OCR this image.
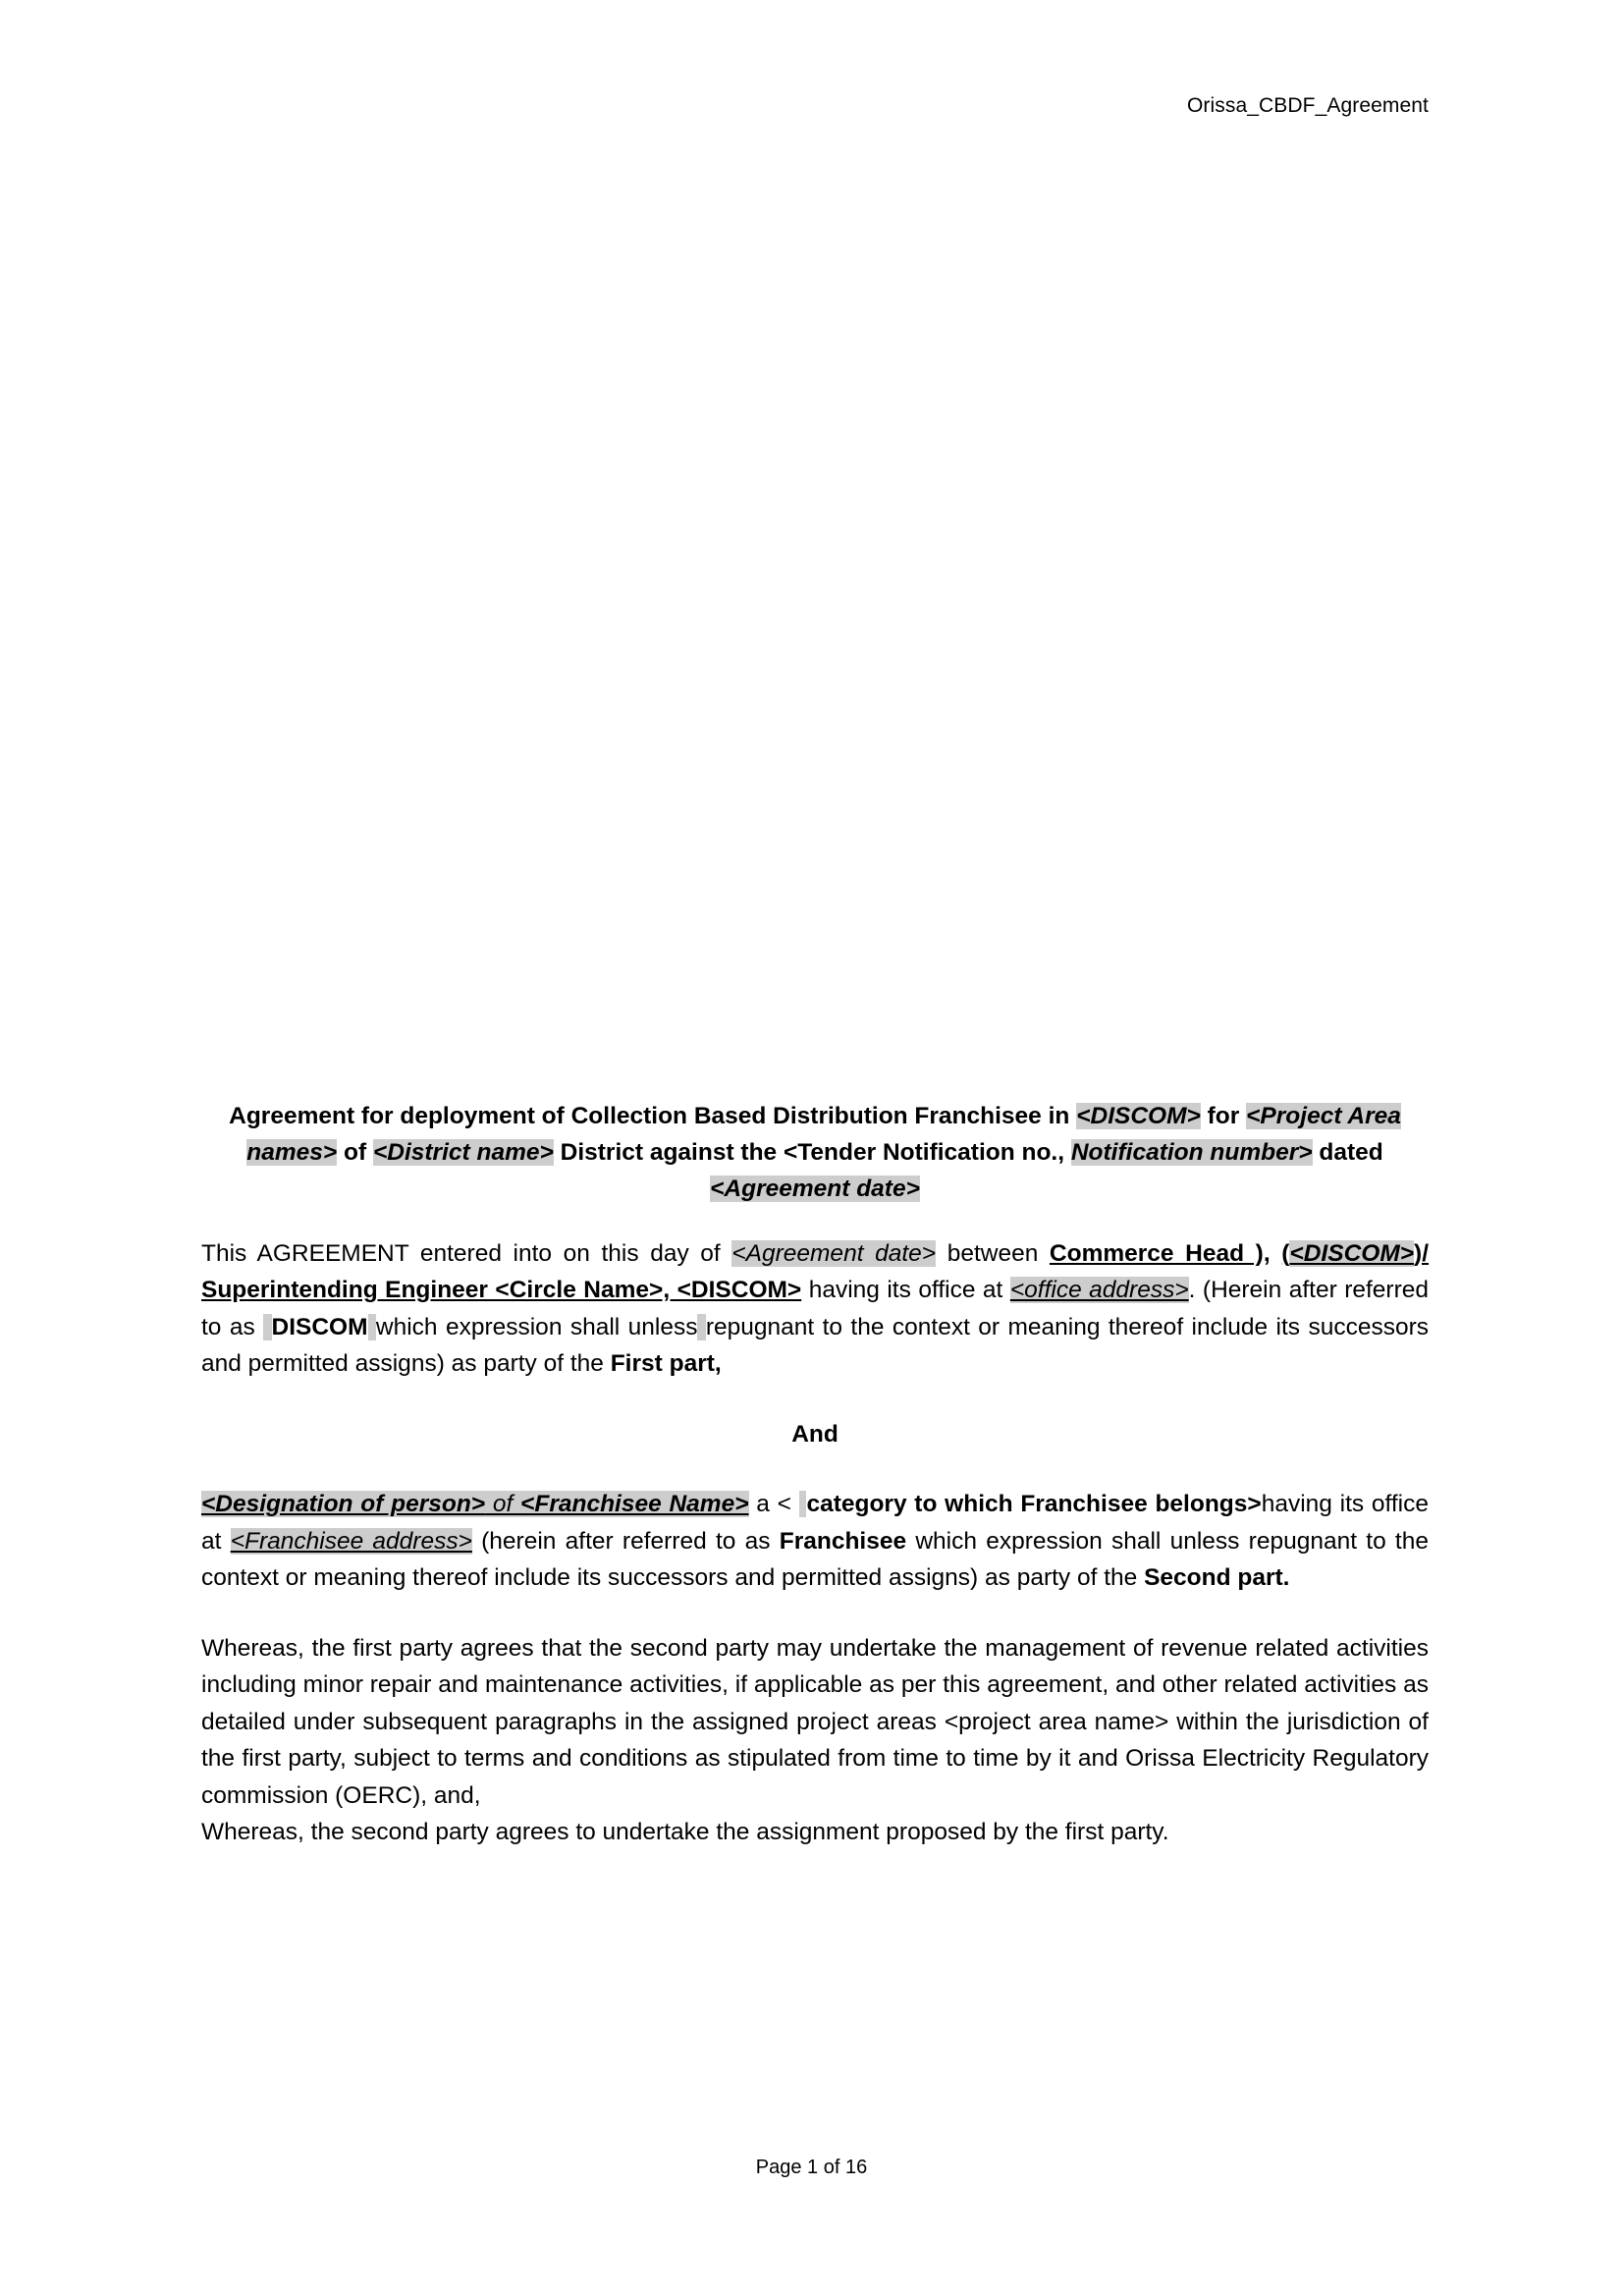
Orissa_CBDF_Agreement
Agreement for deployment of Collection Based Distribution Franchisee in <DISCOM> for <Project Area names> of <District name> District against the <Tender Notification no., Notification number> dated <Agreement date>

This AGREEMENT entered into on this day of <Agreement date> between Commerce Head ), (<DISCOM>)/ Superintending Engineer <Circle Name>, <DISCOM> having its office at <office address>. (Herein after referred to as  DISCOM which expression shall unless repugnant to the context or meaning thereof include its successors and permitted assigns) as party of the First part,

And

<Designation of person> of <Franchisee Name> a <  category to which Franchisee belongs>having its office at <Franchisee address> (herein after referred to as Franchisee which expression shall unless repugnant to the context or meaning thereof include its successors and permitted assigns) as party of the Second part.

Whereas, the first party agrees that the second party may undertake the management of revenue related activities including minor repair and maintenance activities, if applicable as per this agreement, and other related activities as detailed under subsequent paragraphs in the assigned project areas <project area name> within the jurisdiction of the first party, subject to terms and conditions as stipulated from time to time by it and Orissa Electricity Regulatory commission (OERC), and,

Whereas, the second party agrees to undertake the assignment proposed by the first party.

Page 1 of 16
